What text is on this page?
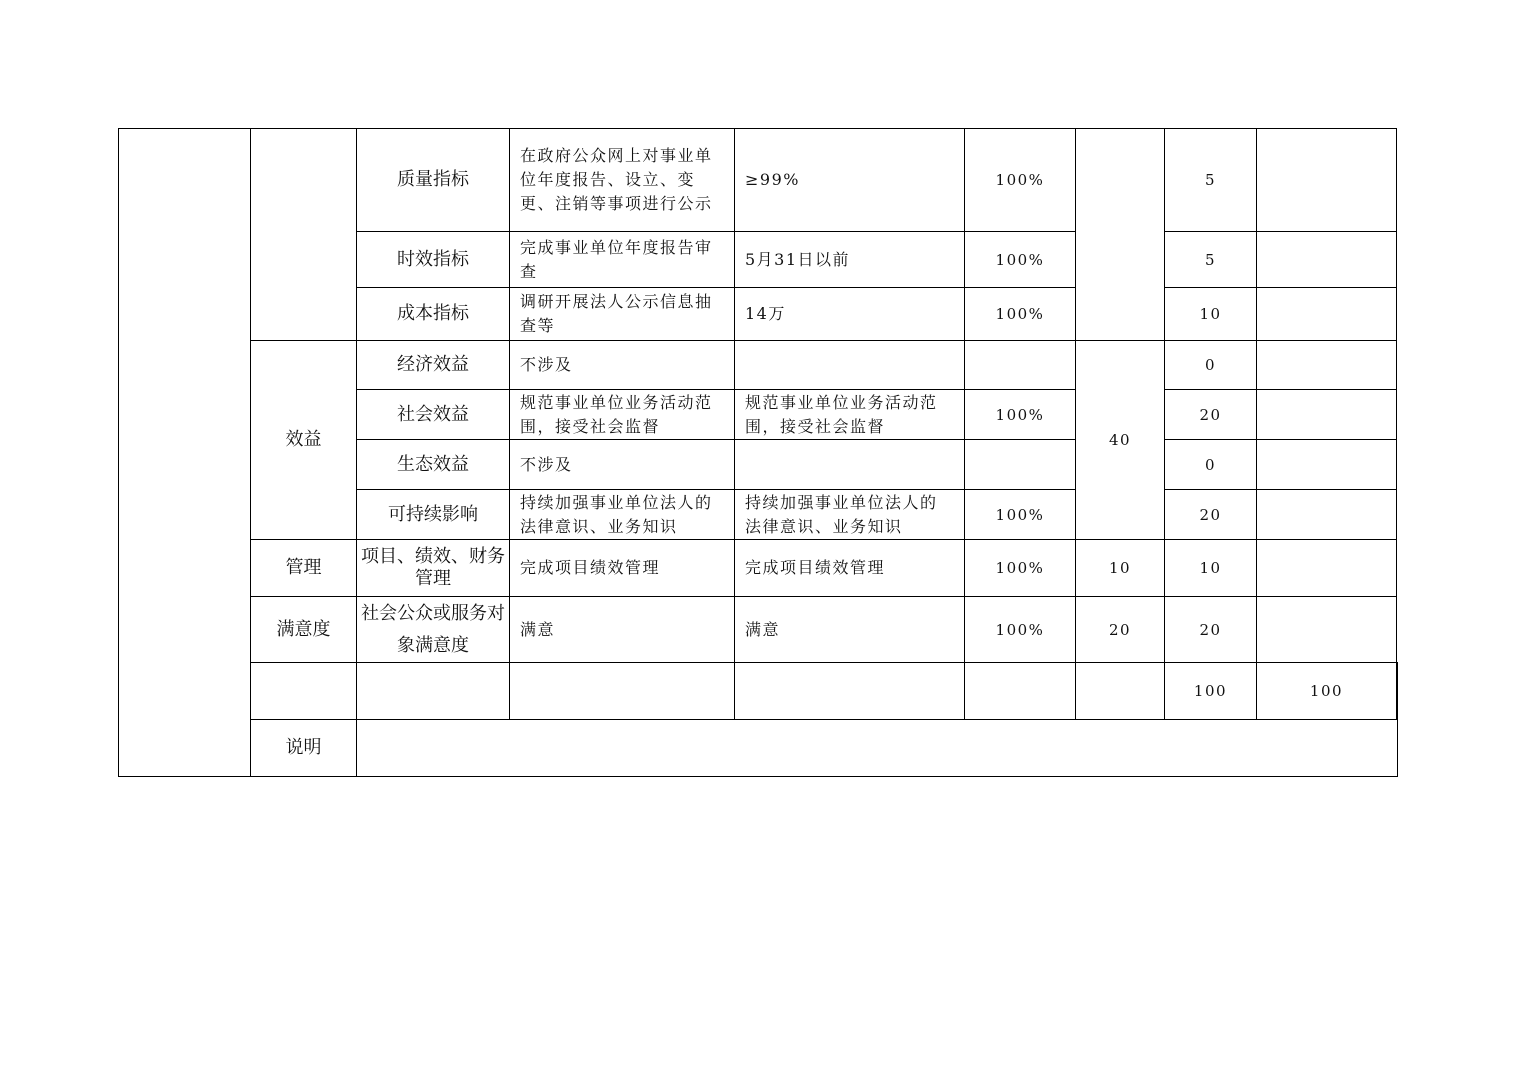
		质量指标	在政府公众网上对事业单位年度报告、设立、变更、注销等事项进行公示	≥99%	100%		5		
		时效指标	完成事业单位年度报告审查	5月31日以前	100%		5		
		成本指标	调研开展法人公示信息抽查等	14万	100%		10		
	效益	经济效益	不涉及			40	0		
		社会效益	规范事业单位业务活动范围，接受社会监督	规范事业单位业务活动范围，接受社会监督	100%		20		
		生态效益	不涉及				0		
		可持续影响	持续加强事业单位法人的法律意识、业务知识	持续加强事业单位法人的法律意识、业务知识	100%		20		
	管理	项目、绩效、财务管理	完成项目绩效管理	完成项目绩效管理	100%	10	10		
	满意度	社会公众或服务对象满意度	满意	满意	100%	20	20		
							100	100	
	说明								
